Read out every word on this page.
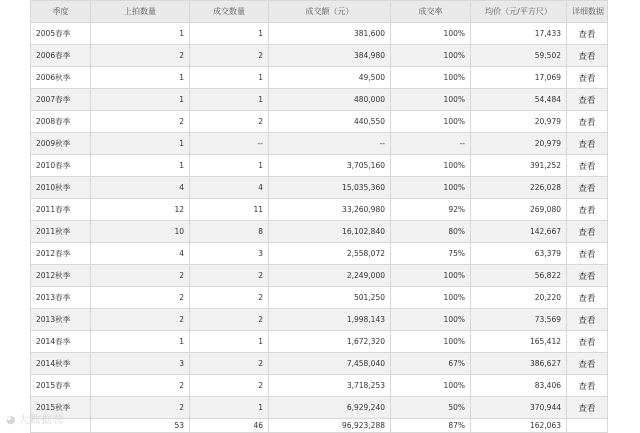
季度	上拍数量	成交数量	成交额（元）	成交率	均价（元/平方尺）	详细数据
2005春季	1	1	381,600	100%	17,433	查看
2006春季	2	2	384,980	100%	59,502	查看
2006秋季	1	1	49,500	100%	17,069	查看
2007春季	1	1	480,000	100%	54,484	查看
2008春季	2	2	440,550	100%	20,979	查看
2009秋季	1	--	--	--	20,979	查看
2010春季	1	1	3,705,160	100%	391,252	查看
2010秋季	4	4	15,035,360	100%	226,028	查看
2011春季	12	11	33,260,980	92%	269,080	查看
2011秋季	10	8	16,102,840	80%	142,667	查看
2012春季	4	3	2,558,072	75%	63,379	查看
2012秋季	2	2	2,249,000	100%	56,822	查看
2013春季	2	2	501,250	100%	20,220	查看
2013秋季	2	2	1,998,143	100%	73,569	查看
2014春季	1	1	1,672,320	100%	165,412	查看
2014秋季	3	2	7,458,040	67%	386,627	查看
2015春季	2	2	3,718,253	100%	83,406	查看
2015秋季	2	1	6,929,240	50%	370,944	查看
	53	46	96,923,288	87%	162,063	
◕ 大数据营
